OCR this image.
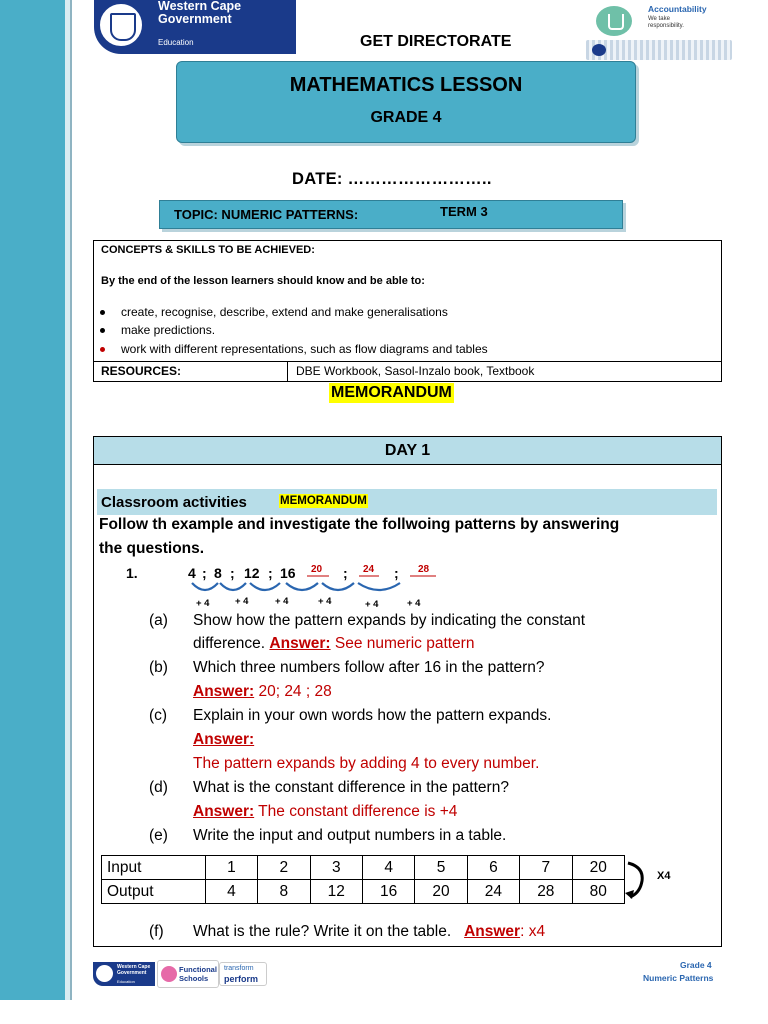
Western Cape
Government
Education	GET DIRECTORATE
Accountability
We take
responsibility.
MATHEMATICS LESSON
GRADE 4
DATE: ……………………..
TOPIC: NUMERIC PATTERNS:	TERM 3
CONCEPTS & SKILLS TO BE ACHIEVED:
By the end of the lesson learners should know and be able to:
create, recognise, describe, extend and make generalisations
make predictions.
work with different representations, such as flow diagrams and tables
RESOURCES:	DBE Workbook, Sasol-Inzalo book, Textbook
MEMORANDUM
DAY 1
Classroom activities	MEMORANDUM
Follow th example and investigate the follwoing patterns by answering
the questions.
1.	4 ; 8 ; 12 ; 16 20 ; 24 ; 28
+ 4	+ 4	+ 4	+ 4	+ 4	+ 4
(a) Show how the pattern expands by indicating the constant
difference. Answer: See numeric pattern
(b) Which three numbers follow after 16 in the pattern?
Answer: 20; 24 ; 28
(c) Explain in your own words how the pattern expands.
Answer:
The pattern expands by adding 4 to every number.
(d) What is the constant difference in the pattern?
Answer: The constant difference is +4
(e) Write the input and output numbers in a table.
Input	1	2	3	4	5	6	7	20
Output	4	8	12	16	20	24	28	80
X4
(f) What is the rule? Write it on the table. Answer: x4
Western Cape
Government
Education
Functional
Schools
transform
perform
Grade 4
Numeric Patterns
